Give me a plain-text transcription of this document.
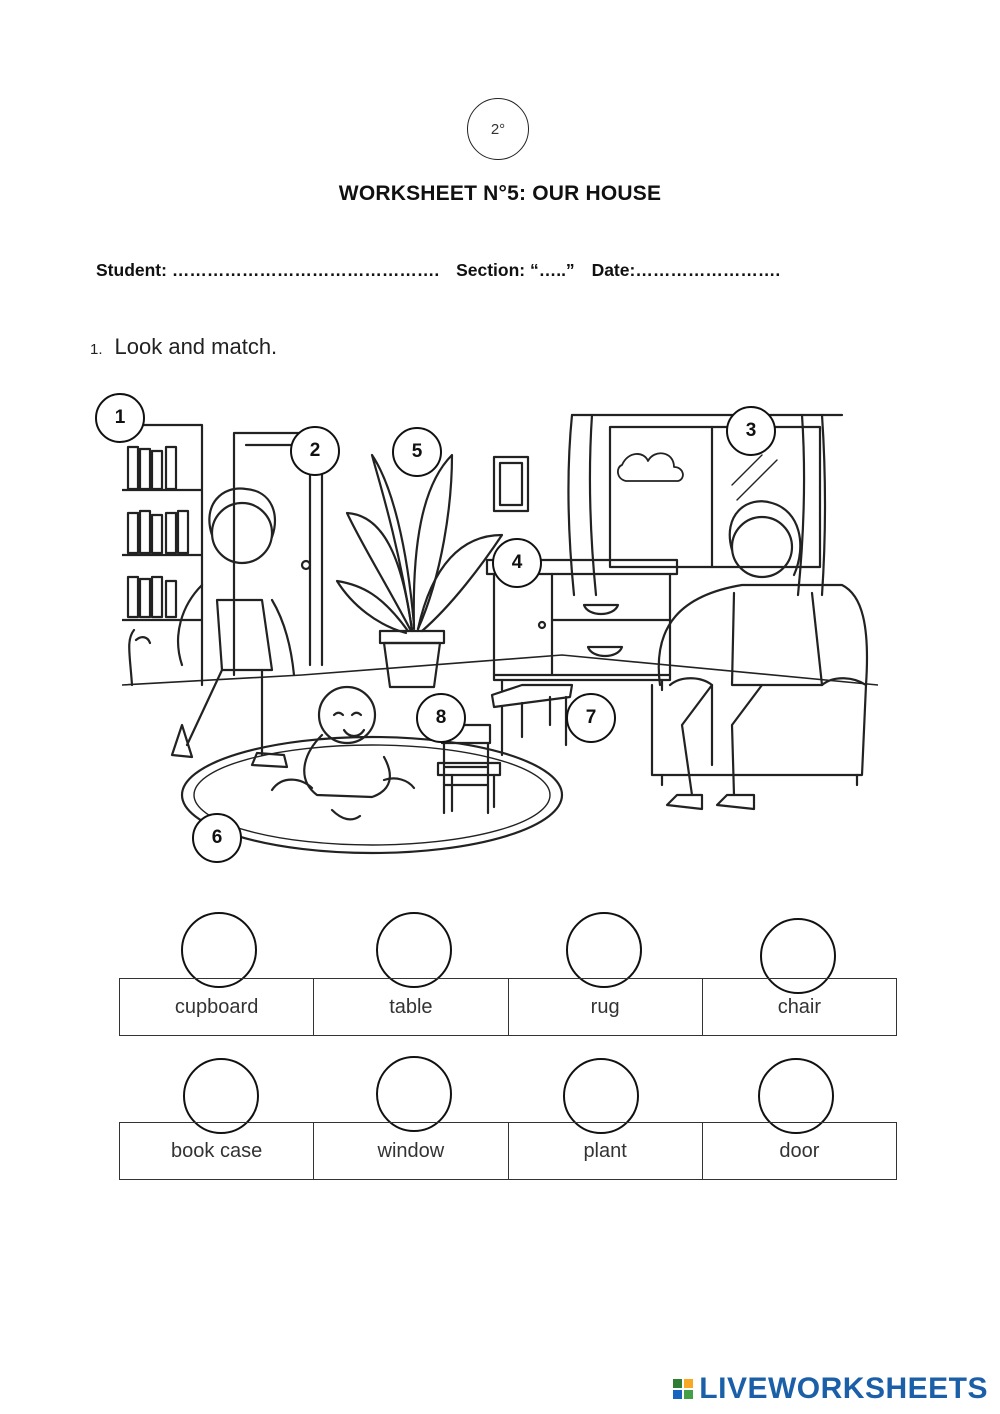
2°
WORKSHEET N°5: OUR HOUSE
Student: ………………………………………. Section: “…..” Date:…………………….
1. Look and match.
1
2
3
4
5
6
7
8
cupboard	table	rug	chair
book case	window	plant	door
LIVEWORKSHEETS
